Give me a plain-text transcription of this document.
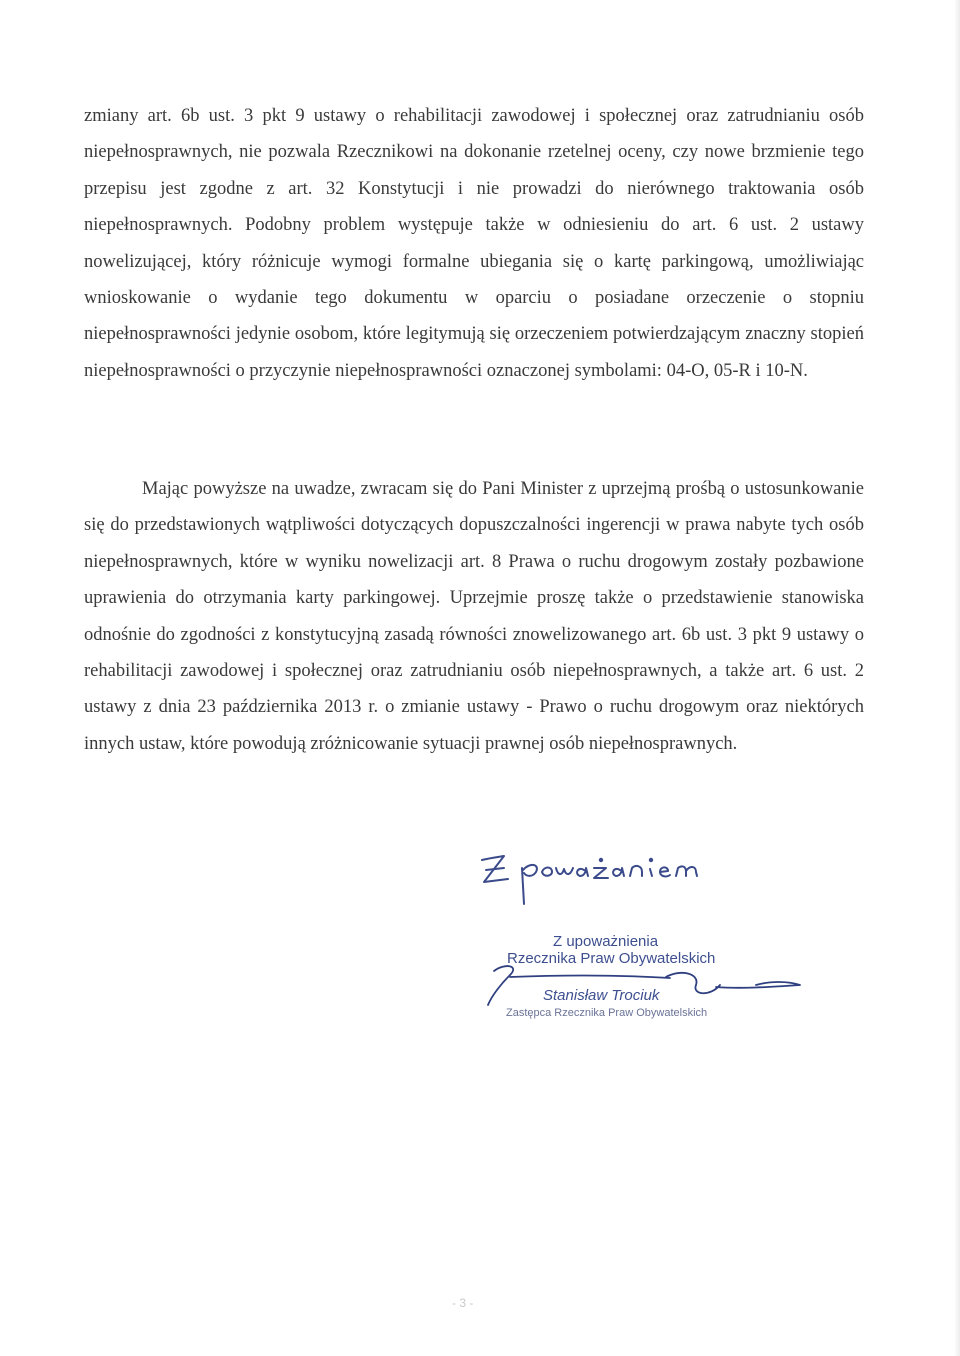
zmiany art. 6b ust. 3 pkt 9 ustawy o rehabilitacji zawodowej i społecznej oraz zatrudnianiu osób niepełnosprawnych, nie pozwala Rzecznikowi na dokonanie rzetelnej oceny, czy nowe brzmienie tego przepisu jest zgodne z art. 32 Konstytucji i nie prowadzi do nierównego traktowania osób niepełnosprawnych. Podobny problem występuje także w odniesieniu do art. 6 ust. 2 ustawy nowelizującej, który różnicuje wymogi formalne ubiegania się o kartę parkingową, umożliwiając wnioskowanie o wydanie tego dokumentu w oparciu o posiadane orzeczenie o stopniu niepełnosprawności jedynie osobom, które legitymują się orzeczeniem potwierdzającym znaczny stopień niepełnosprawności o przyczynie niepełnosprawności oznaczonej symbolami: 04-O, 05-R i 10-N.

Mając powyższe na uwadze, zwracam się do Pani Minister z uprzejmą prośbą o ustosunkowanie się do przedstawionych wątpliwości dotyczących dopuszczalności ingerencji w prawa nabyte tych osób niepełnosprawnych, które w wyniku nowelizacji art. 8 Prawa o ruchu drogowym zostały pozbawione uprawienia do otrzymania karty parkingowej. Uprzejmie proszę także o przedstawienie stanowiska odnośnie do zgodności z konstytucyjną zasadą równości znowelizowanego art. 6b ust. 3 pkt 9 ustawy o rehabilitacji zawodowej i społecznej oraz zatrudnianiu osób niepełnosprawnych, a także art. 6 ust. 2 ustawy z dnia 23 października 2013 r. o zmianie ustawy - Prawo o ruchu drogowym oraz niektórych innych ustaw, które powodują zróżnicowanie sytuacji prawnej osób niepełnosprawnych.

Z upoważnienia

Rzecznika Praw Obywatelskich

Stanisław Trociuk

Zastępca Rzecznika Praw Obywatelskich

- 3 -
